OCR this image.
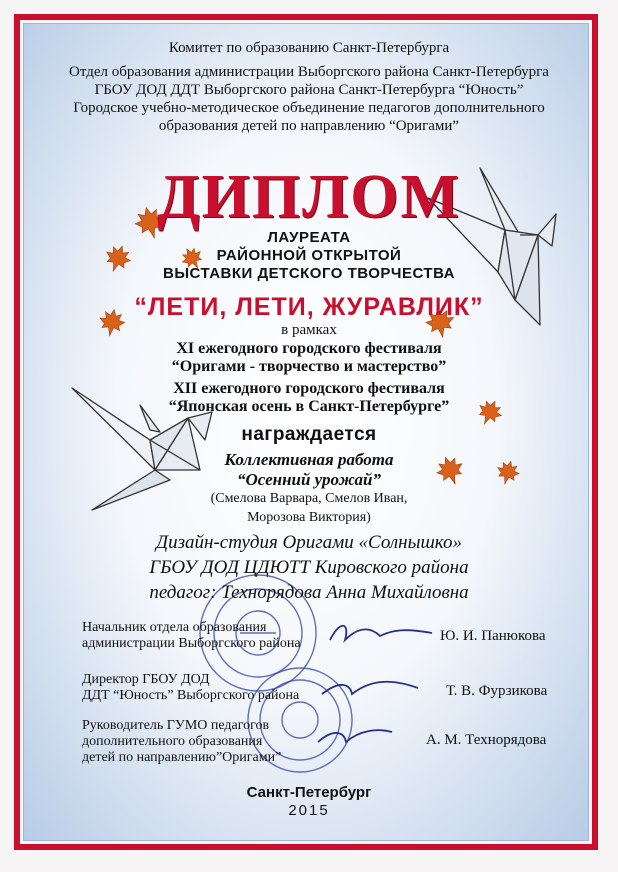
Комитет по образованию Санкт-Петербурга
Отдел образования администрации Выборгского района Санкт-Петербурга
ГБОУ ДОД ДДТ Выборгского района Санкт-Петербурга “Юность”
Городское учебно-методическое объединение педагогов дополнительного
образования детей по направлению “Оригами”
ДИПЛОМ
ЛАУРЕАТА
РАЙОННОЙ ОТКРЫТОЙ
ВЫСТАВКИ ДЕТСКОГО ТВОРЧЕСТВА
“ЛЕТИ, ЛЕТИ, ЖУРАВЛИК”
в рамках
XI ежегодного городского фестиваля
“Оригами - творчество и мастерство”
XII ежегодного городского фестиваля
“Японская осень в Санкт-Петербурге”
награждается
Коллективная работа
“Осенний урожай”
(Смелова Варвара, Смелов Иван,
Морозова Виктория)
Дизайн-студия Оригами «Солнышко»
ГБОУ ДОД ЦДЮТТ Кировского района
педагог: Технорядова Анна Михайловна
Начальник отдела образования
администрации Выборгского района	Ю. И. Панюкова
Директор ГБОУ ДОД
ДДТ “Юность” Выборгского района	Т. В. Фурзикова
Руководитель ГУМО педагогов
дополнительного образования
детей по направлению”Оригами”
А. М. Технорядова
Санкт-Петербург
2015
